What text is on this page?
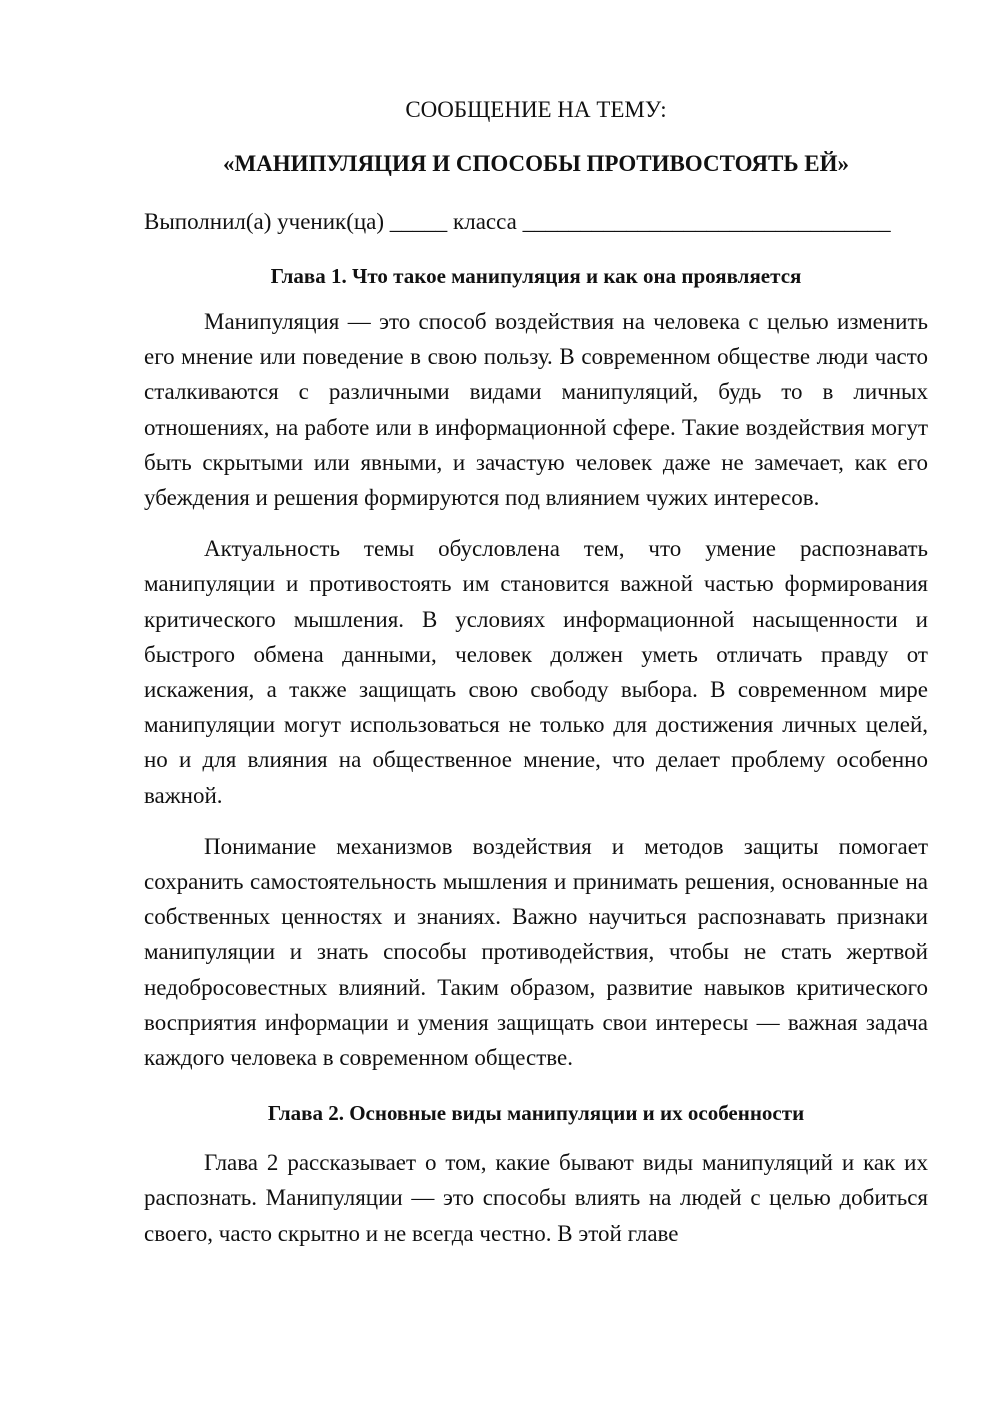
СООБЩЕНИЕ НА ТЕМУ:
«МАНИПУЛЯЦИЯ И СПОСОБЫ ПРОТИВОСТОЯТЬ ЕЙ»
Выполнил(а) ученик(ца) _____ класса ________________________________
Глава 1. Что такое манипуляция и как она проявляется

Манипуляция — это способ воздействия на человека с целью изменить его мнение или поведение в свою пользу. В современном обществе люди часто сталкиваются с различными видами манипуляций, будь то в личных отношениях, на работе или в информационной сфере. Такие воздействия могут быть скрытыми или явными, и зачастую человек даже не замечает, как его убеждения и решения формируются под влиянием чужих интересов.

Актуальность темы обусловлена тем, что умение распознавать манипуляции и противостоять им становится важной частью формирования критического мышления. В условиях информационной насыщенности и быстрого обмена данными, человек должен уметь отличать правду от искажения, а также защищать свою свободу выбора. В современном мире манипуляции могут использоваться не только для достижения личных целей, но и для влияния на общественное мнение, что делает проблему особенно важной.

Понимание механизмов воздействия и методов защиты помогает сохранить самостоятельность мышления и принимать решения, основанные на собственных ценностях и знаниях. Важно научиться распознавать признаки манипуляции и знать способы противодействия, чтобы не стать жертвой недобросовестных влияний. Таким образом, развитие навыков критического восприятия информации и умения защищать свои интересы — важная задача каждого человека в современном обществе.

Глава 2. Основные виды манипуляции и их особенности

Глава 2 рассказывает о том, какие бывают виды манипуляций и как их распознать. Манипуляции — это способы влиять на людей с целью добиться своего, часто скрытно и не всегда честно. В этой главе
